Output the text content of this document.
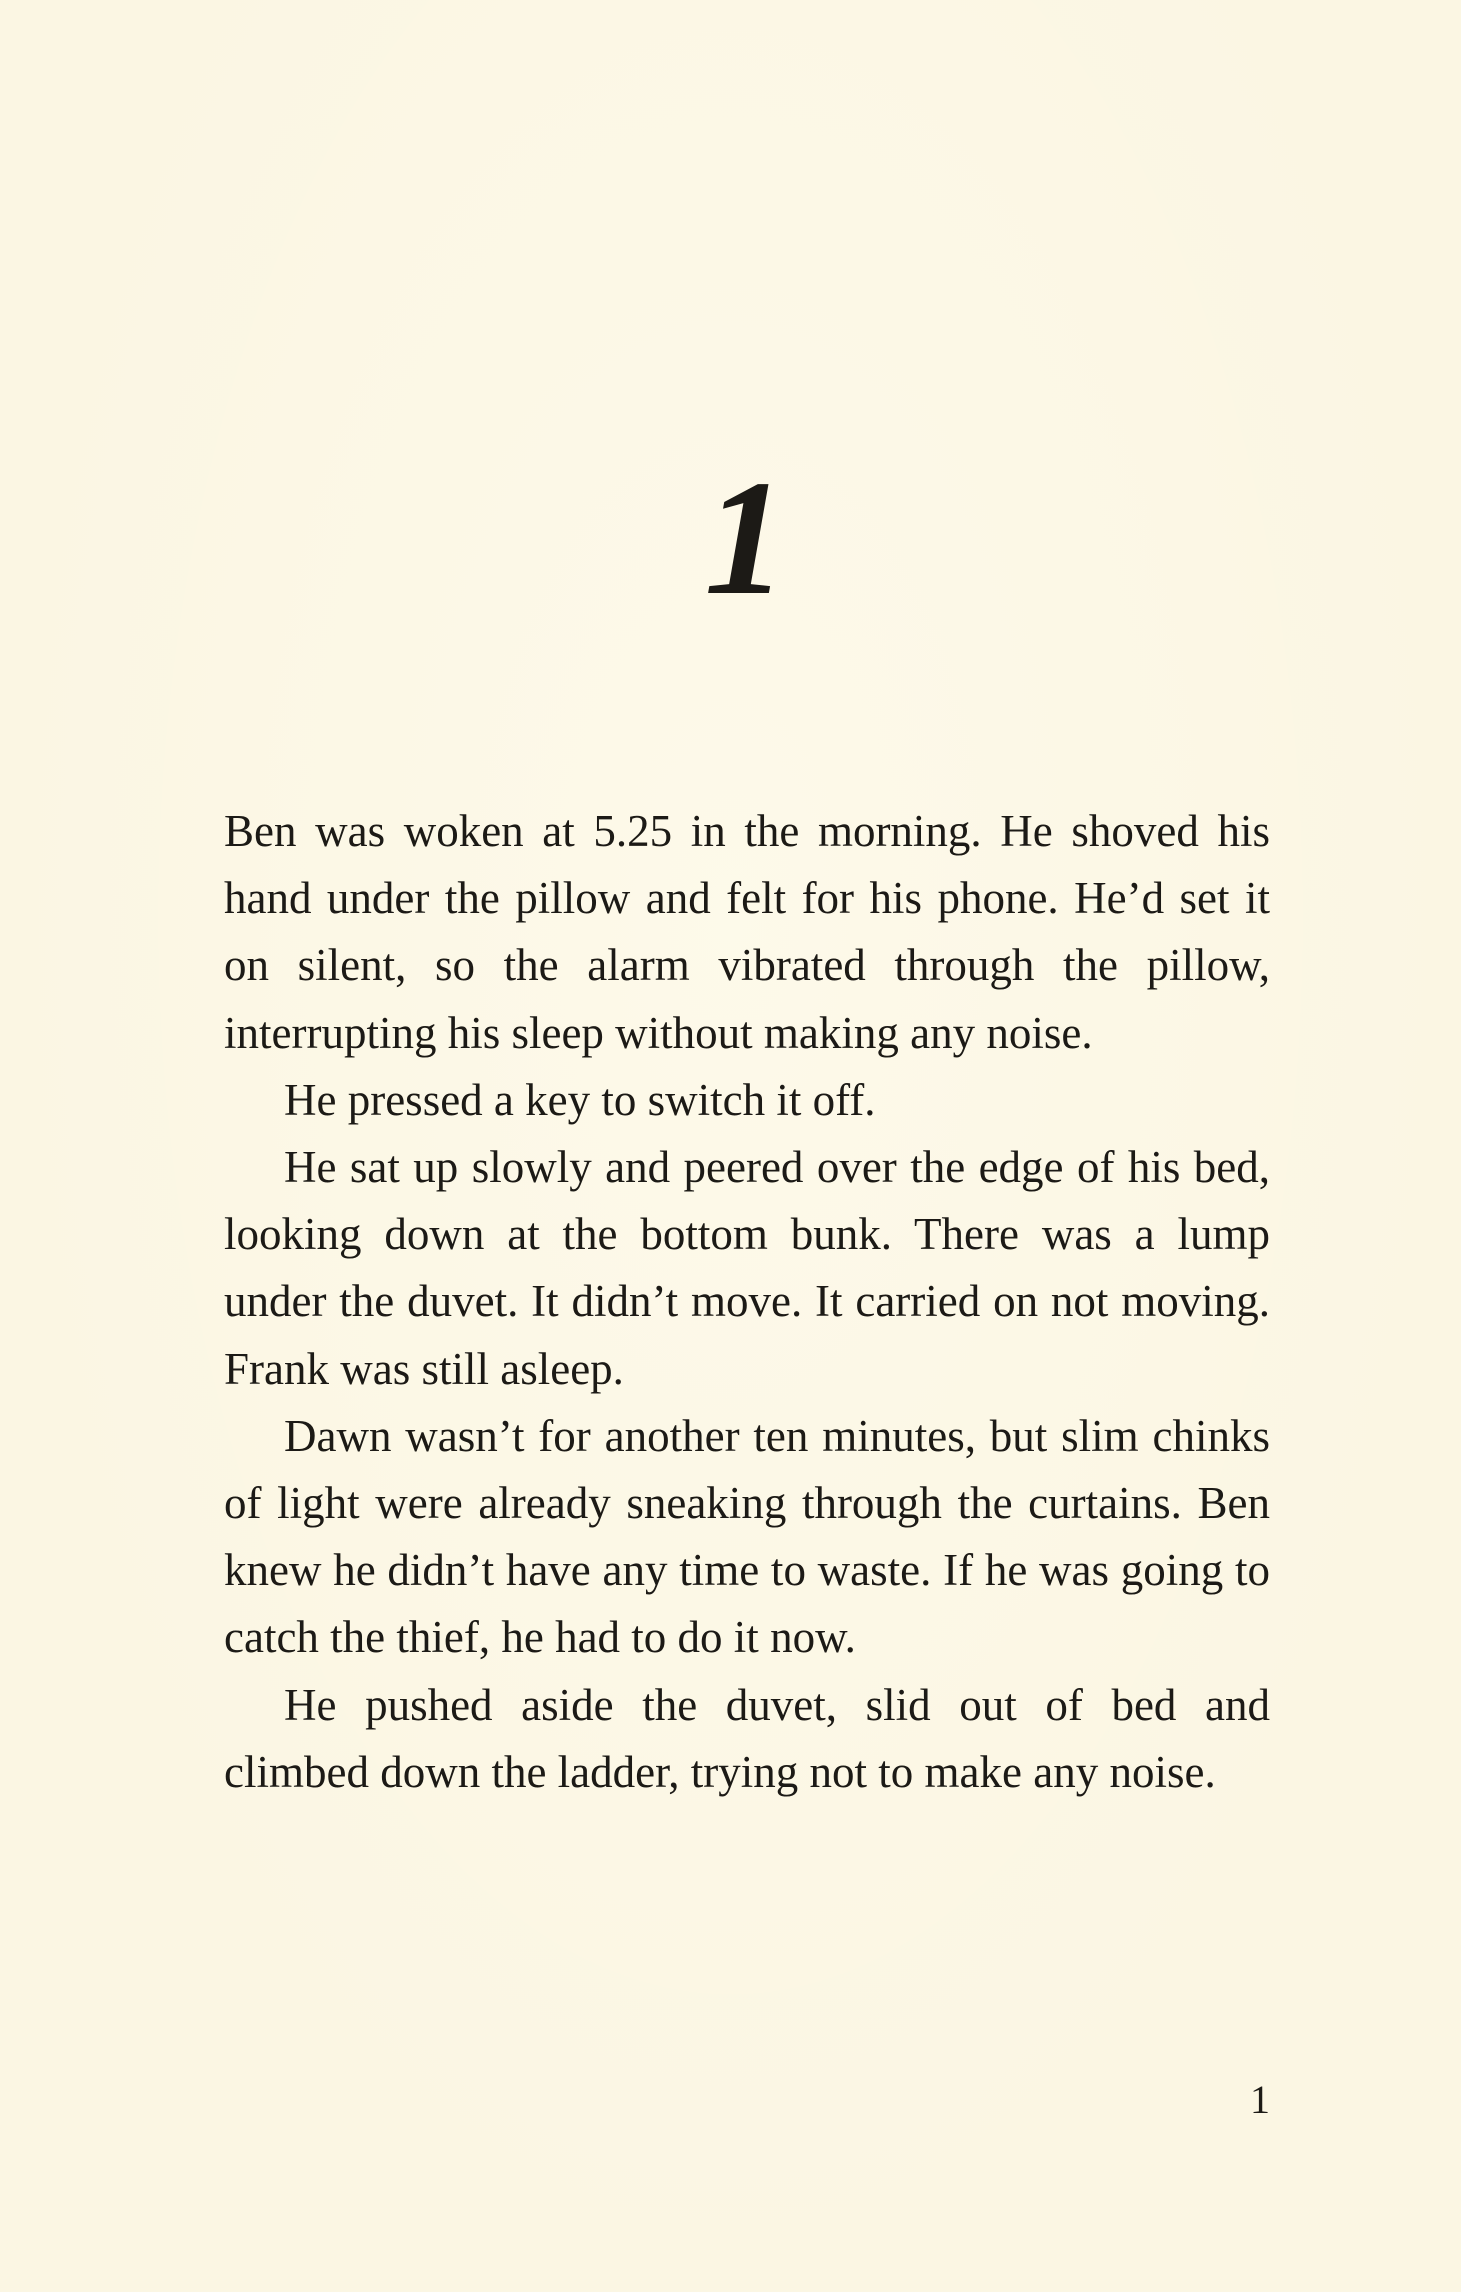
1

Ben was woken at 5.25 in the morning. He shoved his hand under the pillow and felt for his phone. He’d set it on silent, so the alarm vibrated through the pillow, interrupting his sleep without making any noise.

He pressed a key to switch it off.

He sat up slowly and peered over the edge of his bed, looking down at the bottom bunk. There was a lump under the duvet. It didn’t move. It carried on not moving. Frank was still asleep.

Dawn wasn’t for another ten minutes, but slim chinks of light were already sneaking through the curtains. Ben knew he didn’t have any time to waste. If he was going to catch the thief, he had to do it now.

He pushed aside the duvet, slid out of bed and climbed down the ladder, trying not to make any noise.

1
